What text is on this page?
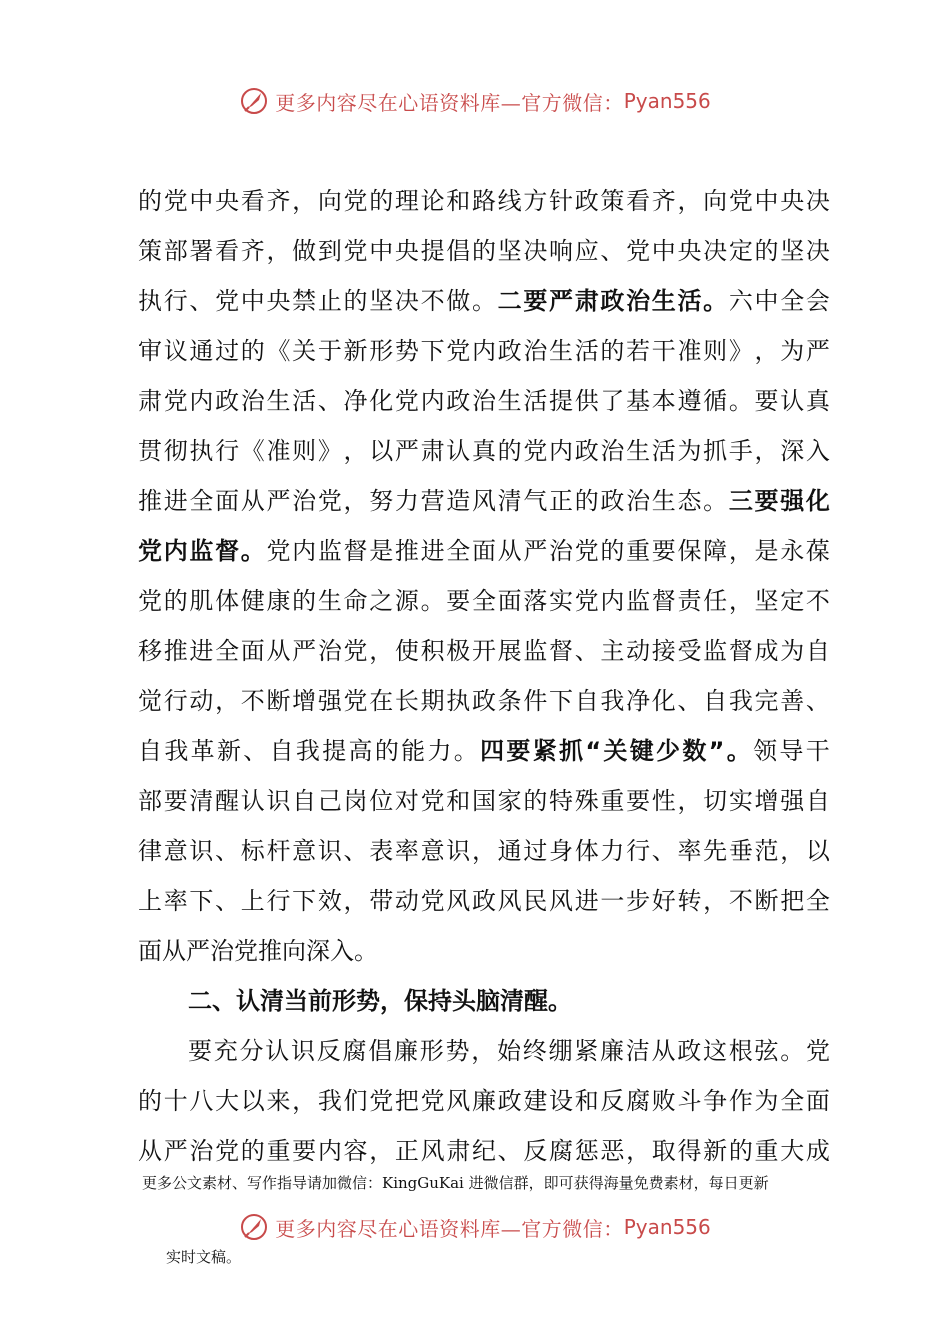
更多内容尽在心语资料库—官方微信： Pyan556
的 党 中 央 看 齐 ， 向 党 的 理 论 和 路 线 方 针 政 策 看 齐 ， 向 党 中 央 决
策 部 署 看 齐 ， 做 到 党 中 央 提 倡 的 坚 决 响 应 、 党 中 央 决 定 的 坚 决
执 行 、 党 中 央 禁 止 的 坚 决 不 做 。 二 要 严 肃 政 治 生 活 。 六 中 全 会
审 议 通 过 的 《 关 于 新 形 势 下 党 内 政 治 生 活 的 若 干 准 则 》 ， 为 严
肃 党 内 政 治 生 活 、 净 化 党 内 政 治 生 活 提 供 了 基 本 遵 循 。 要 认 真
贯 彻 执 行 《 准 则 》 ， 以 严 肃 认 真 的 党 内 政 治 生 活 为 抓 手 ， 深 入
推 进 全 面 从 严 治 党 ， 努 力 营 造 风 清 气 正 的 政 治 生 态 。 三 要 强 化
党 内 监 督 。 党 内 监 督 是 推 进 全 面 从 严 治 党 的 重 要 保 障 ， 是 永 葆
党 的 肌 体 健 康 的 生 命 之 源 。 要 全 面 落 实 党 内 监 督 责 任 ， 坚 定 不
移 推 进 全 面 从 严 治 党 ， 使 积 极 开 展 监 督 、 主 动 接 受 监 督 成 为 自
觉 行 动 ， 不 断 增 强 党 在 长 期 执 政 条 件 下 自 我 净 化 、 自 我 完 善 、
自 我 革 新 、 自 我 提 高 的 能 力 。 四 要 紧 抓 “ 关 键 少 数 ” 。 领 导 干
部 要 清 醒 认 识 自 己 岗 位 对 党 和 国 家 的 特 殊 重 要 性 ， 切 实 增 强 自
律 意 识 、 标 杆 意 识 、 表 率 意 识 ， 通 过 身 体 力 行 、 率 先 垂 范 ， 以
上 率 下 、 上 行 下 效 ， 带 动 党 风 政 风 民 风 进 一 步 好 转 ， 不 断 把 全
面 从 严 治 党 推 向 深 入 。
二、认清当前形势，保持头脑清醒。
要 充 分 认 识 反 腐 倡 廉 形 势 ， 始 终 绷 紧 廉 洁 从 政 这 根 弦 。 党
的 十 八 大 以 来 ， 我 们 党 把 党 风 廉 政 建 设 和 反 腐 败 斗 争 作 为 全 面
从 严 治 党 的 重 要 内 容 ， 正 风 肃 纪 、 反 腐 惩 恶 ， 取 得 新 的 重 大 成
更多公文素材、写作指导请加微信：KingGuKai 进微信群，即可获得海量免费素材，每日更新
更多内容尽在心语资料库—官方微信： Pyan556
实时文稿。
